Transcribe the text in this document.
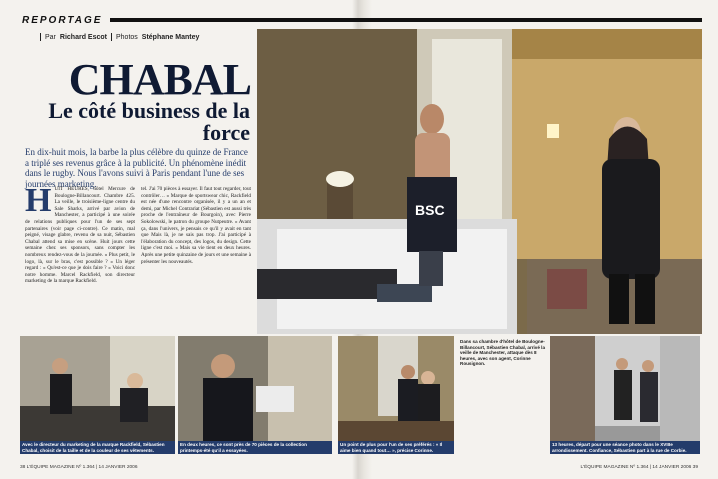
REPORTAGE
Par Richard Escot Photos Stéphane Mantey
CHABAL
Le côté business de la force
En dix-huit mois, la barbe la plus célèbre du quinze de France a triplé ses revenus grâce à la publicité. Un phénomène inédit dans le rugby. Nous l'avons suivi à Paris pendant l'une de ses journées marketing.
H UIT HEURES, hôtel Mercure de Boulogne-Billancourt. Chambre 425. La veille, le troisième-ligne centre du Sale Sharks, arrivé par avion de Manchester, a participé à une soirée de relations publiques pour l'un de ses sept partenaires (voir page ci-contre). Ce matin, mal peigné, visage glabre, revenu de sa nuit, Sébastien Chabal attend sa mise en scène. Huit jours cette semaine chez ses sponsors, sans compter les nombreux rendez-vous de la journée. « Plus petit, le logo, là, sur le bras, c'est possible ? » Un léger regard : « Qu'est-ce que je dois faire ? » Voici donc notre homme. Marcel Rackfield, son directeur marketing de la marque Rackfield.
tel. J'ai 70 pièces à essayer. Il faut tout regarder, tout contrôler… » Marque de sportswear chic, Rackfield est née d'une rencontre organisée, il y a un an et demi, par Michel Contrariat (Sébastien est aussi très proche de l'entraîneur de Bourgoin), avec Pierre Sokolowski, le patron du groupe Nutpeutre. « Avant ça, dans l'univers, je pensais ce qu'il y avait en tant que Mais là, je ne sais pas trop. J'ai participé à l'élaboration du concept, des logos, du design. Cette ligne c'est moi. » Mais sa vie tient en deux heures. Après une petite quinzaine de jours et une semaine à présenter les nouveautés.
BSC
Avec le directeur du marketing de la marque Rackfield, Sébastien Chabal, choisit de la taille et de la couleur de ses vêtements.
En deux heures, ce sont près de 70 pièces de la collection printemps-été qu'il a essayées.
Un point de plus pour l'un de ses préférés : « Il aime bien quand tout… », précise Corinne.
Dans sa chambre d'hôtel de Boulogne-Billancourt, Sébastien Chabal, arrivé la veille de Manchester, attaque dès 8 heures, avec son agent, Corinne Rousignon.
13 heures, départ pour une séance photo dans le XVIIIe arrondissement. Confiance, Sébastien part à la rue de Corbie.
38 L'ÉQUIPE MAGAZINE Nº 1.364 | 14 JANVIER 2006	L'ÉQUIPE MAGAZINE Nº 1.364 | 14 JANVIER 2006 39
